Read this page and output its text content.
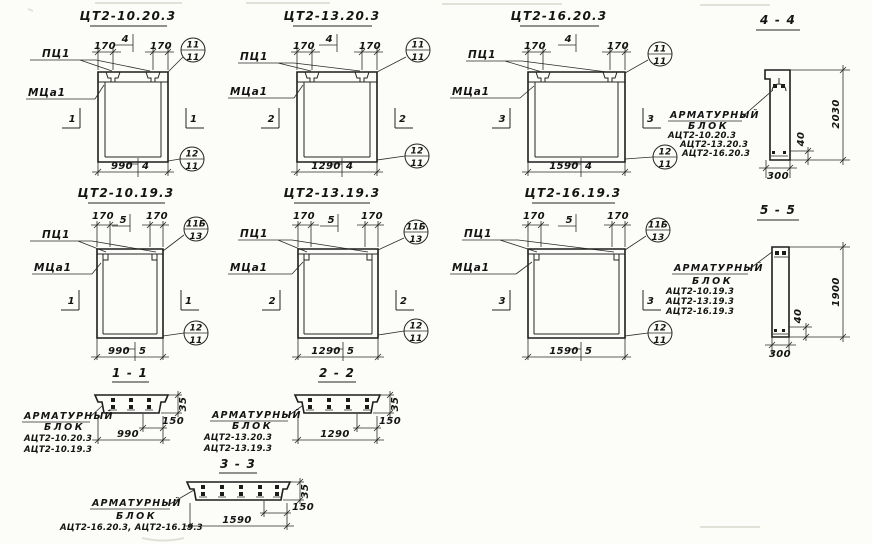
ЦТ2-10.20.3
170
4
170
990 4
ПЦ1
МЦа1
1	1
11
11
12
11
ЦТ2-13.20.3
170
4
170
1290 4
ПЦ1
МЦа1
2	2
11
11
12
11
ЦТ2-16.20.3
170
4
170
1590 4
ПЦ1
МЦа1
3	3
11
11
12
11
ЦТ2-10.19.3
170 5 170
990 5
ПЦ1
МЦа1
1	1
11Б
13
12
11
ЦТ2-13.19.3
170 5	170
1290 5
ПЦ1
МЦа1
2	2
11Б
13
12
11
ЦТ2-16.19.3
170 5	170
1590 5
ПЦ1
МЦа1
3	3
11Б
13
12
11
4 - 4
2030
40
300
АРМАТУРНЫЙ
БЛОК
АЦТ2-10.20.3
АЦТ2-13.20.3
АЦТ2-16.20.3
5 - 5
1900
40
300
АРМАТУРНЫЙ
БЛОК
АЦТ2-10.19.3
АЦТ2-13.19.3
АЦТ2-16.19.3
1 - 1
35
150
990
АРМАТУРНЫЙ
БЛОК
АЦТ2-10.20.3
АЦТ2-10.19.3
2 - 2
35
150
1290
АРМАТУРНЫЙ
БЛОК
АЦТ2-13.20.3
АЦТ2-13.19.3
3 - 3
35
150
1590
АРМАТУРНЫЙ
БЛОК
АЦТ2-16.20.3, АЦТ2-16.19.3
